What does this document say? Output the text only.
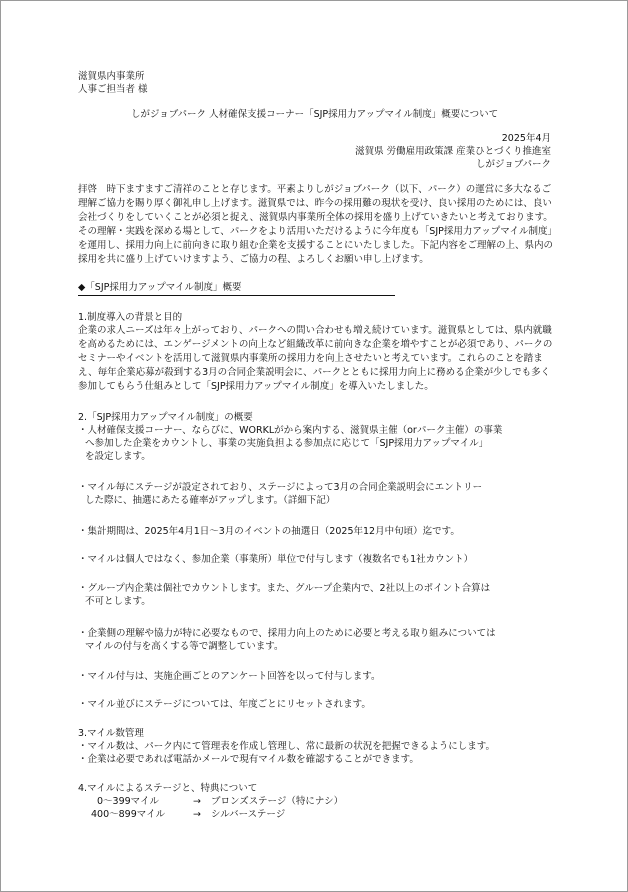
滋賀県内事業所
人事ご担当者 様
しがジョブパーク 人材確保支援コーナー「SJP採用力アップマイル制度」概要について
2025年4月
滋賀県 労働雇用政策課 産業ひとづくり推進室
しがジョブパーク
拝啓　時下ますますご清祥のことと存じます。平素よりしがジョブパーク（以下、パーク）の運営に多大なるご理解ご協力を賜り厚く御礼申し上げます。滋賀県では、昨今の採用難の現状を受け、良い採用のためには、良い会社づくりをしていくことが必須と捉え、滋賀県内事業所全体の採用を盛り上げていきたいと考えております。その理解・実践を深める場として、パークをより活用いただけるように今年度も「SJP採用力アップマイル制度」を運用し、採用力向上に前向きに取り組む企業を支援することにいたしました。下記内容をご理解の上、県内の採用を共に盛り上げていけますよう、ご協力の程、よろしくお願い申し上げます。
◆「SJP採用力アップマイル制度」概要
1.制度導入の背景と目的
企業の求人ニーズは年々上がっており、パークへの問い合わせも増え続けています。滋賀県としては、県内就職を高めるためには、エンゲージメントの向上など組織改革に前向きな企業を増やすことが必須であり、パークのセミナーやイベントを活用して滋賀県内事業所の採用力を向上させたいと考えています。これらのことを踏まえ、毎年企業応募が殺到する3月の合同企業説明会に、パークとともに採用力向上に務める企業が少しでも多く参加してもらう仕組みとして「SJP採用力アップマイル制度」を導入いたしました。
2.「SJP採用力アップマイル制度」の概要
・人材確保支援コーナー、ならびに、WORKLがから案内する、滋賀県主催（orパーク主催）の事業
へ参加した企業をカウントし、事業の実施負担よる参加点に応じて「SJP採用力アップマイル」
を設定します。
・マイル毎にステージが設定されており、ステージによって3月の合同企業説明会にエントリー
した際に、抽選にあたる確率がアップします。（詳細下記）
・集計期間は、2025年4月1日～3月のイベントの抽選日（2025年12月中旬頃）迄です。
・マイルは個人ではなく、参加企業（事業所）単位で付与します（複数名でも1社カウント）
・グループ内企業は個社でカウントします。また、グループ企業内で、2社以上のポイント合算は
不可とします。
・企業側の理解や協力が特に必要なもので、採用力向上のために必要と考える取り組みについては
マイルの付与を高くする等で調整しています。
・マイル付与は、実施企画ごとのアンケート回答を以って付与します。
・マイル並びにステージについては、年度ごとにリセットされます。
3.マイル数管理
・マイル数は、パーク内にて管理表を作成し管理し、常に最新の状況を把握できるようにします。
・企業は必要であれば電話かメールで現有マイル数を確認することができます。
4.マイルによるステージと、特典について
0～399マイル	→ ブロンズステージ（特にナシ）
400～899マイル	→ シルバーステージ
